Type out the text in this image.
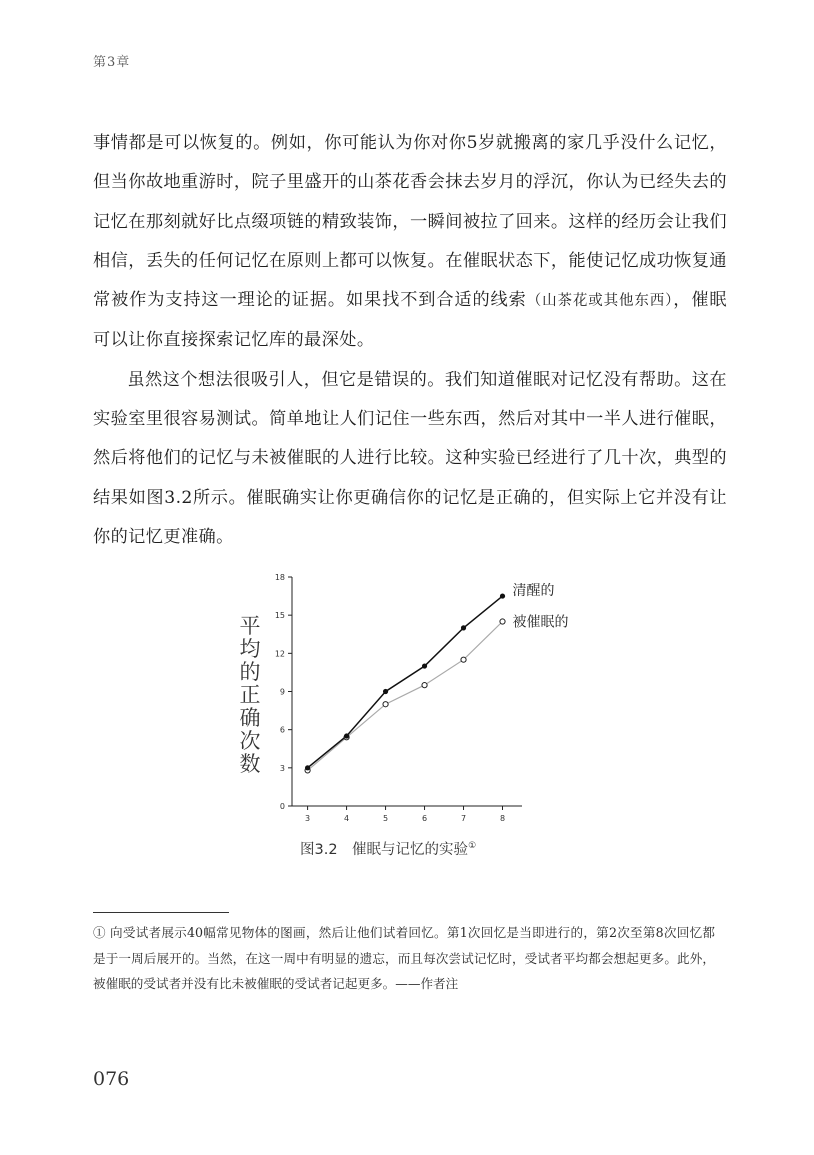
第3章

事情都是可以恢复的。例如，你可能认为你对你5岁就搬离的家几乎没什么记忆，但当你故地重游时，院子里盛开的山茶花香会抹去岁月的浮沉，你认为已经失去的记忆在那刻就好比点缀项链的精致装饰，一瞬间被拉了回来。这样的经历会让我们相信，丢失的任何记忆在原则上都可以恢复。在催眠状态下，能使记忆成功恢复通常被作为支持这一理论的证据。如果找不到合适的线索（山茶花或其他东西），催眠可以让你直接探索记忆库的最深处。

虽然这个想法很吸引人，但它是错误的。我们知道催眠对记忆没有帮助。这在实验室里很容易测试。简单地让人们记住一些东西，然后对其中一半人进行催眠，然后将他们的记忆与未被催眠的人进行比较。这种实验已经进行了几十次，典型的结果如图3.2所示。催眠确实让你更确信你的记忆是正确的，但实际上它并没有让你的记忆更准确。

平均的正确次数
0
3
6
9
12
15
18
3	4	5	6	7	8
清醒的
被催眠的
图3.2　催眠与记忆的实验①

① 向受试者展示40幅常见物体的图画，然后让他们试着回忆。第1次回忆是当即进行的，第2次至第8次回忆都是于一周后展开的。当然，在这一周中有明显的遗忘，而且每次尝试记忆时，受试者平均都会想起更多。此外，被催眠的受试者并没有比未被催眠的受试者记起更多。——作者注

076
